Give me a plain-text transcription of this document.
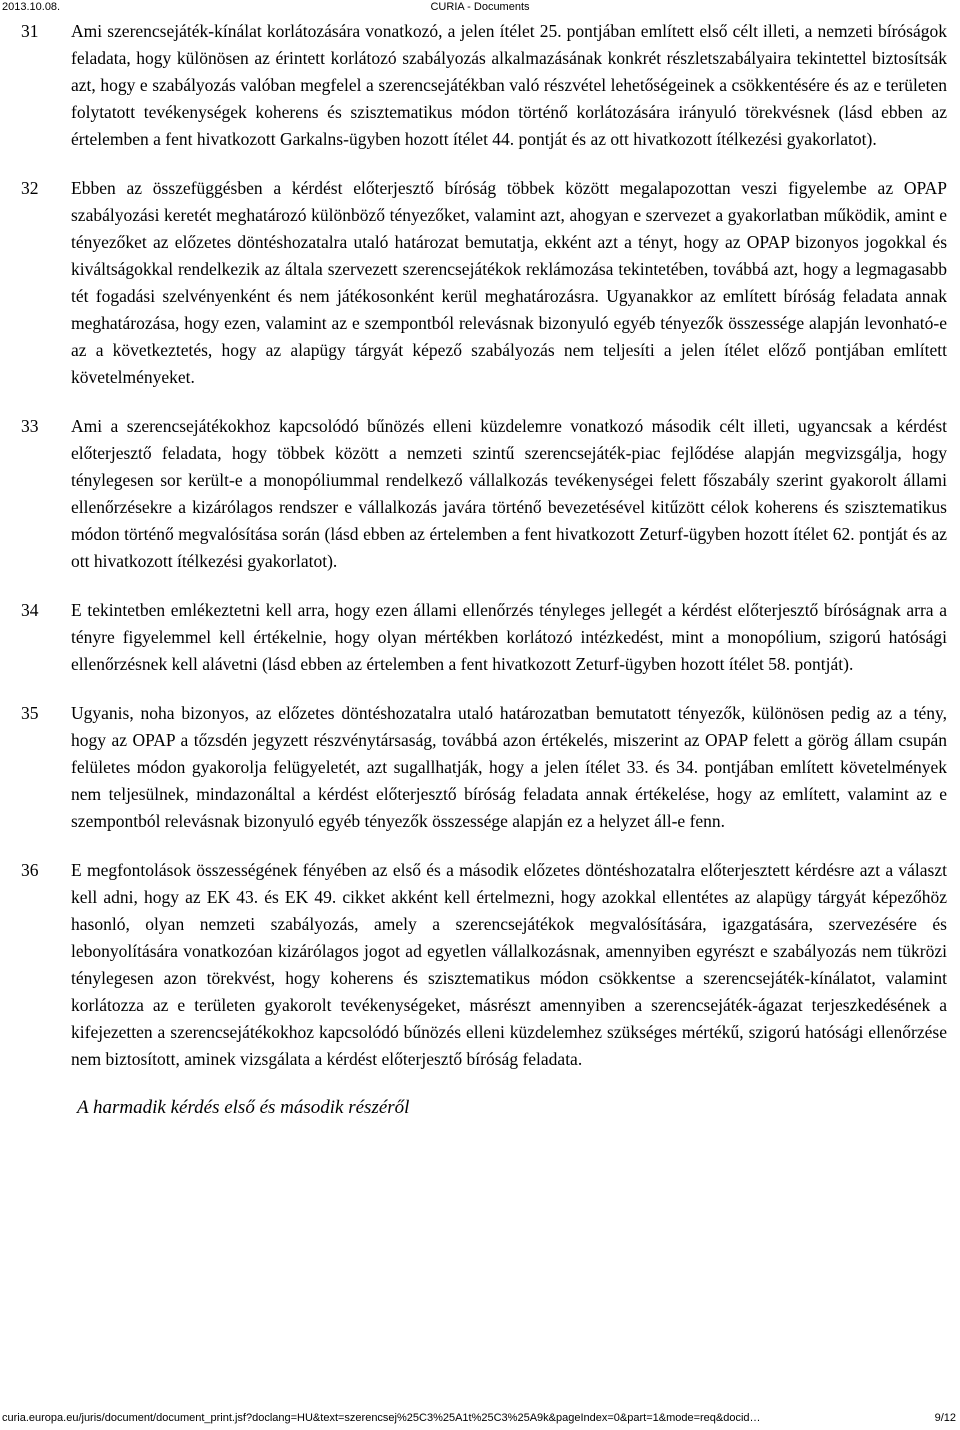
2013.10.08.	CURIA - Documents
31 Ami szerencsejáték-kínálat korlátozására vonatkozó, a jelen ítélet 25. pontjában említett első célt illeti, a nemzeti bíróságok feladata, hogy különösen az érintett korlátozó szabályozás alkalmazásának konkrét részletszabályaira tekintettel biztosítsák azt, hogy e szabályozás valóban megfelel a szerencsejátékban való részvétel lehetőségeinek a csökkentésére és az e területen folytatott tevékenységek koherens és szisztematikus módon történő korlátozására irányuló törekvésnek (lásd ebben az értelemben a fent hivatkozott Garkalns-ügyben hozott ítélet 44. pontját és az ott hivatkozott ítélkezési gyakorlatot).
32 Ebben az összefüggésben a kérdést előterjesztő bíróság többek között megalapozottan veszi figyelembe az OPAP szabályozási keretét meghatározó különböző tényezőket, valamint azt, ahogyan e szervezet a gyakorlatban működik, amint e tényezőket az előzetes döntéshozatalra utaló határozat bemutatja, ekként azt a tényt, hogy az OPAP bizonyos jogokkal és kiváltságokkal rendelkezik az általa szervezett szerencsejátékok reklámozása tekintetében, továbbá azt, hogy a legmagasabb tét fogadási szelvényenként és nem játékosonként kerül meghatározásra. Ugyanakkor az említett bíróság feladata annak meghatározása, hogy ezen, valamint az e szempontból relevásnak bizonyuló egyéb tényezők összessége alapján levonható-e az a következtetés, hogy az alapügy tárgyát képező szabályozás nem teljesíti a jelen ítélet előző pontjában említett követelményeket.
33 Ami a szerencsejátékokhoz kapcsolódó bűnözés elleni küzdelemre vonatkozó második célt illeti, ugyancsak a kérdést előterjesztő feladata, hogy többek között a nemzeti szintű szerencsejáték-piac fejlődése alapján megvizsgálja, hogy ténylegesen sor került-e a monopóliummal rendelkező vállalkozás tevékenységei felett főszabály szerint gyakorolt állami ellenőrzésekre a kizárólagos rendszer e vállalkozás javára történő bevezetésével kitűzött célok koherens és szisztematikus módon történő megvalósítása során (lásd ebben az értelemben a fent hivatkozott Zeturf-ügyben hozott ítélet 62. pontját és az ott hivatkozott ítélkezési gyakorlatot).
34 E tekintetben emlékeztetni kell arra, hogy ezen állami ellenőrzés tényleges jellegét a kérdést előterjesztő bíróságnak arra a tényre figyelemmel kell értékelnie, hogy olyan mértékben korlátozó intézkedést, mint a monopólium, szigorú hatósági ellenőrzésnek kell alávetni (lásd ebben az értelemben a fent hivatkozott Zeturf-ügyben hozott ítélet 58. pontját).
35 Ugyanis, noha bizonyos, az előzetes döntéshozatalra utaló határozatban bemutatott tényezők, különösen pedig az a tény, hogy az OPAP a tőzsdén jegyzett részvénytársaság, továbbá azon értékelés, miszerint az OPAP felett a görög állam csupán felületes módon gyakorolja felügyeletét, azt sugallhatják, hogy a jelen ítélet 33. és 34. pontjában említett követelmények nem teljesülnek, mindazonáltal a kérdést előterjesztő bíróság feladata annak értékelése, hogy az említett, valamint az e szempontból relevásnak bizonyuló egyéb tényezők összessége alapján ez a helyzet áll-e fenn.
36 E megfontolások összességének fényében az első és a második előzetes döntéshozatalra előterjesztett kérdésre azt a választ kell adni, hogy az EK 43. és EK 49. cikket akként kell értelmezni, hogy azokkal ellentétes az alapügy tárgyát képezőhöz hasonló, olyan nemzeti szabályozás, amely a szerencsejátékok megvalósítására, igazgatására, szervezésére és lebonyolítására vonatkozóan kizárólagos jogot ad egyetlen vállalkozásnak, amennyiben egyrészt e szabályozás nem tükrözi ténylegesen azon törekvést, hogy koherens és szisztematikus módon csökkentse a szerencsejáték-kínálatot, valamint korlátozza az e területen gyakorolt tevékenységeket, másrészt amennyiben a szerencsejáték-ágazat terjeszkedésének a kifejezetten a szerencsejátékokhoz kapcsolódó bűnözés elleni küzdelemhez szükséges mértékű, szigorú hatósági ellenőrzése nem biztosított, aminek vizsgálata a kérdést előterjesztő bíróság feladata.
A harmadik kérdés első és második részéről
curia.europa.eu/juris/document/document_print.jsf?doclang=HU&text=szerencsej%25C3%25A1t%25C3%25A9k&pageIndex=0&part=1&mode=req&docid…	9/12
